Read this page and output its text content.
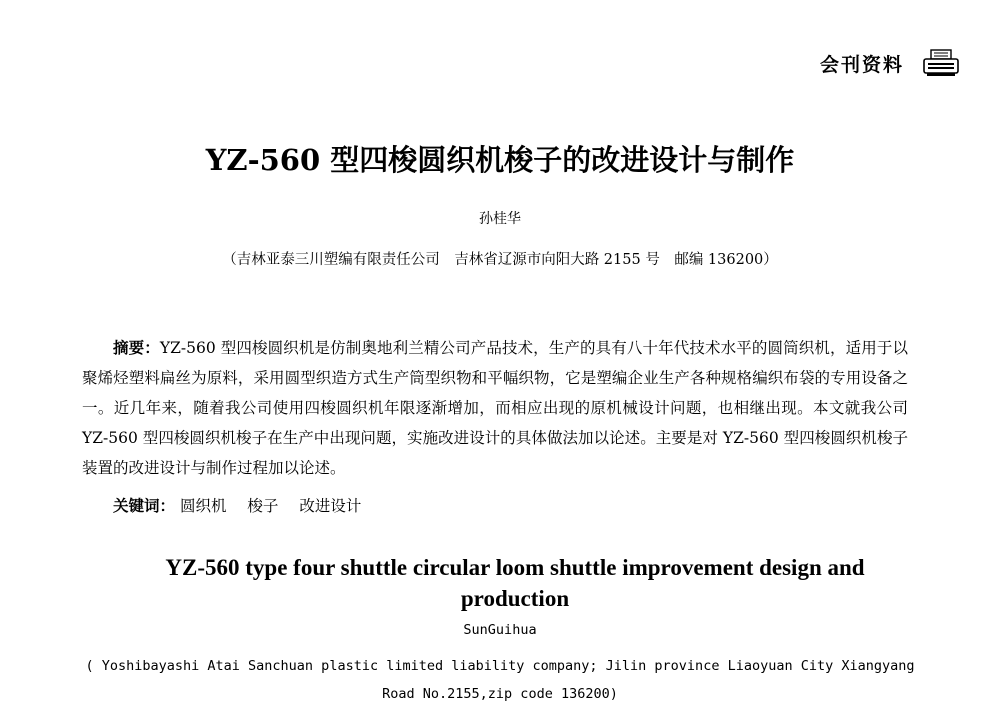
会刊资料
YZ-560 型四梭圆织机梭子的改进设计与制作
孙桂华
（吉林亚泰三川塑编有限责任公司　吉林省辽源市向阳大路 2155 号　邮编 136200）

摘要：YZ-560 型四梭圆织机是仿制奥地利兰精公司产品技术，生产的具有八十年代技术水平的圆筒织机，适用于以聚烯烃塑料扁丝为原料，采用圆型织造方式生产筒型织物和平幅织物，它是塑编企业生产各种规格编织布袋的专用设备之一。近几年来，随着我公司使用四梭圆织机年限逐渐增加，而相应出现的原机械设计问题，也相继出现。本文就我公司 YZ-560 型四梭圆织机梭子在生产中出现问题，实施改进设计的具体做法加以论述。主要是对 YZ-560 型四梭圆织机梭子装置的改进设计与制作过程加以论述。

关键词： 圆织机 梭子 改进设计
YZ-560 type four shuttle circular loom shuttle improvement design and production
SunGuihua
( Yoshibayashi Atai Sanchuan plastic limited liability company; Jilin province Liaoyuan City Xiangyang Road No.2155,zip code 136200)
